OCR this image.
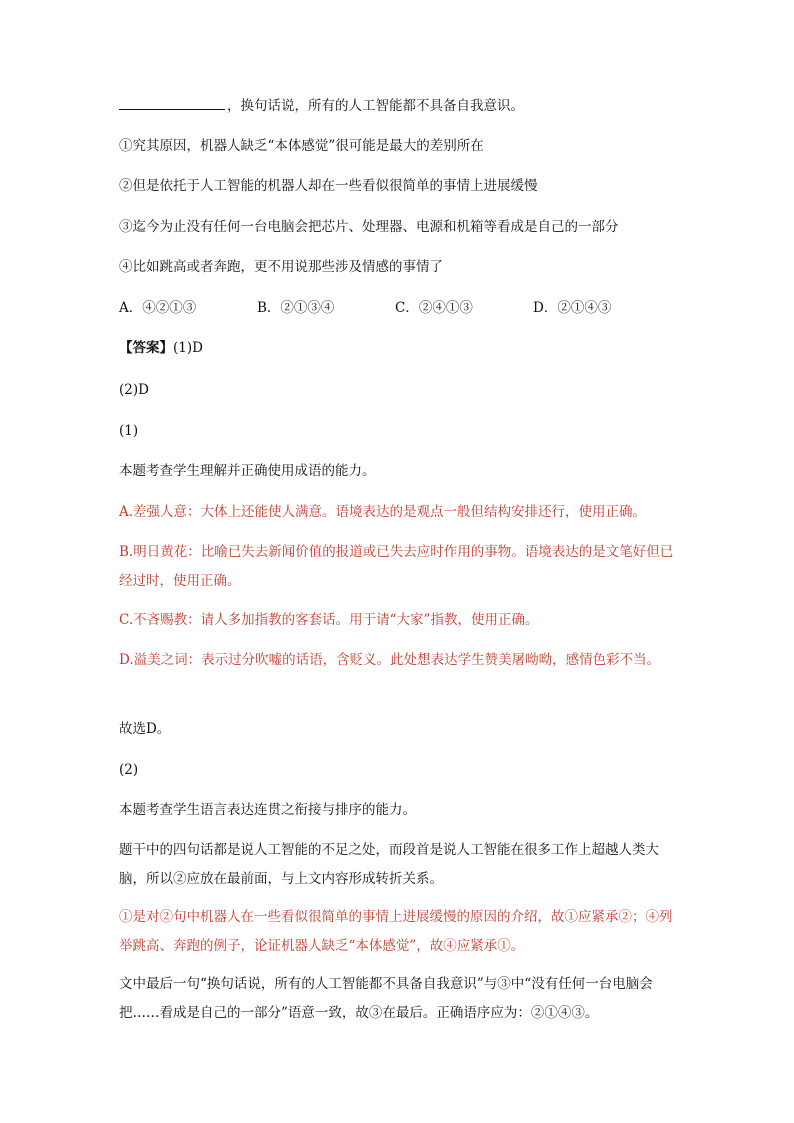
，换句话说，所有的人工智能都不具备自我意识。
①究其原因，机器人缺乏“本体感觉”很可能是最大的差别所在
②但是依托于人工智能的机器人却在一些看似很简单的事情上进展缓慢
③迄今为止没有任何一台电脑会把芯片、处理器、电源和机箱等看成是自己的一部分
④比如跳高或者奔跑，更不用说那些涉及情感的事情了
A．④②①③	B．②①③④	C．②④①③	D．②①④③
【答案】(1)D
(2)D
(1)
本题考查学生理解并正确使用成语的能力。
A.差强人意：大体上还能使人满意。语境表达的是观点一般但结构安排还行，使用正确。
B.明日黄花：比喻已失去新闻价值的报道或已失去应时作用的事物。语境表达的是文笔好但已经过时，使用正确。
C.不吝赐教：请人多加指教的客套话。用于请“大家”指教，使用正确。
D.溢美之词：表示过分吹嘘的话语，含贬义。此处想表达学生赞美屠呦呦，感情色彩不当。
故选D。
(2)
本题考查学生语言表达连贯之衔接与排序的能力。
题干中的四句话都是说人工智能的不足之处，而段首是说人工智能在很多工作上超越人类大脑，所以②应放在最前面，与上文内容形成转折关系。
①是对②句中机器人在一些看似很简单的事情上进展缓慢的原因的介绍，故①应紧承②；④列举跳高、奔跑的例子，论证机器人缺乏“本体感觉”，故④应紧承①。
文中最后一句“换句话说，所有的人工智能都不具备自我意识”与③中“没有任何一台电脑会把……看成是自己的一部分”语意一致，故③在最后。正确语序应为：②①④③。
